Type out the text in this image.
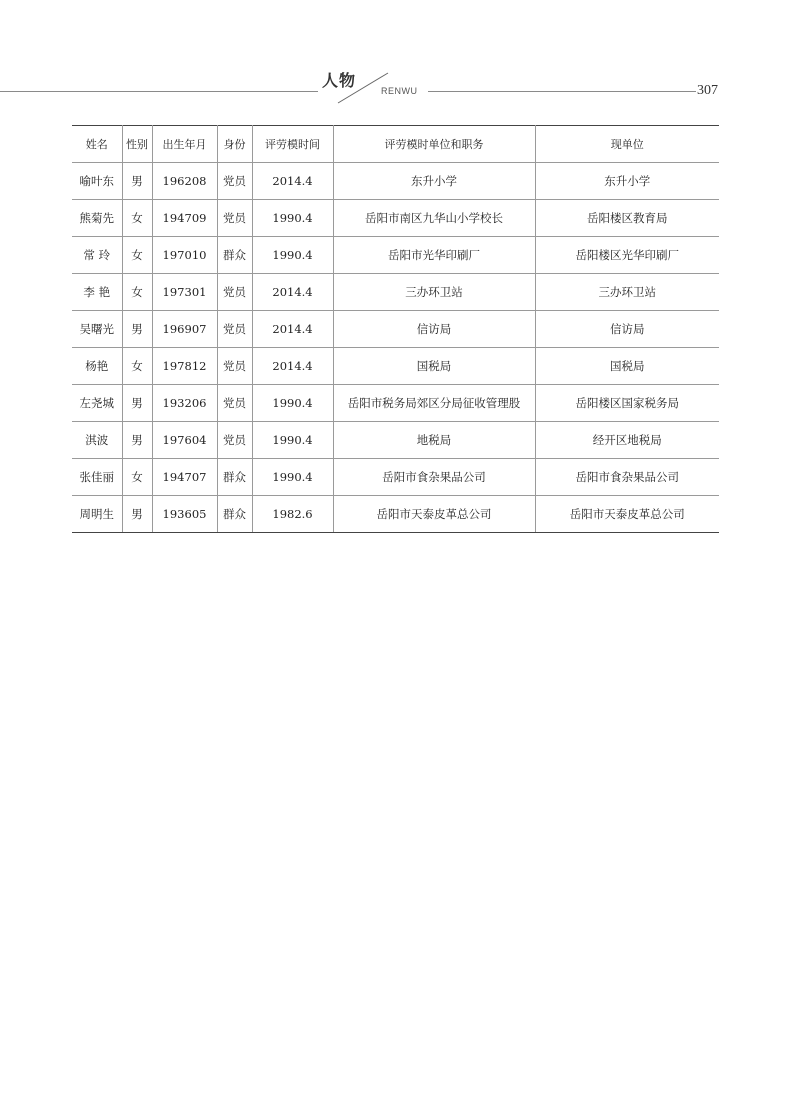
人物
RENWU	307
姓名	性别	出生年月	身份	评劳模时间	评劳模时单位和职务	现单位
喻叶东	男	196208	党员	2014.4	东升小学	东升小学
熊菊先	女	194709	党员	1990.4	岳阳市南区九华山小学校长	岳阳楼区教育局
常 玲	女	197010	群众	1990.4	岳阳市光华印刷厂	岳阳楼区光华印刷厂
李 艳	女	197301	党员	2014.4	三办环卫站	三办环卫站
吴曙光	男	196907	党员	2014.4	信访局	信访局
杨艳	女	197812	党员	2014.4	国税局	国税局
左尧城	男	193206	党员	1990.4	岳阳市税务局郊区分局征收管理股	岳阳楼区国家税务局
淇波	男	197604	党员	1990.4	地税局	经开区地税局
张佳丽	女	194707	群众	1990.4	岳阳市食杂果品公司	岳阳市食杂果品公司
周明生	男	193605	群众	1982.6	岳阳市天泰皮革总公司	岳阳市天泰皮革总公司
